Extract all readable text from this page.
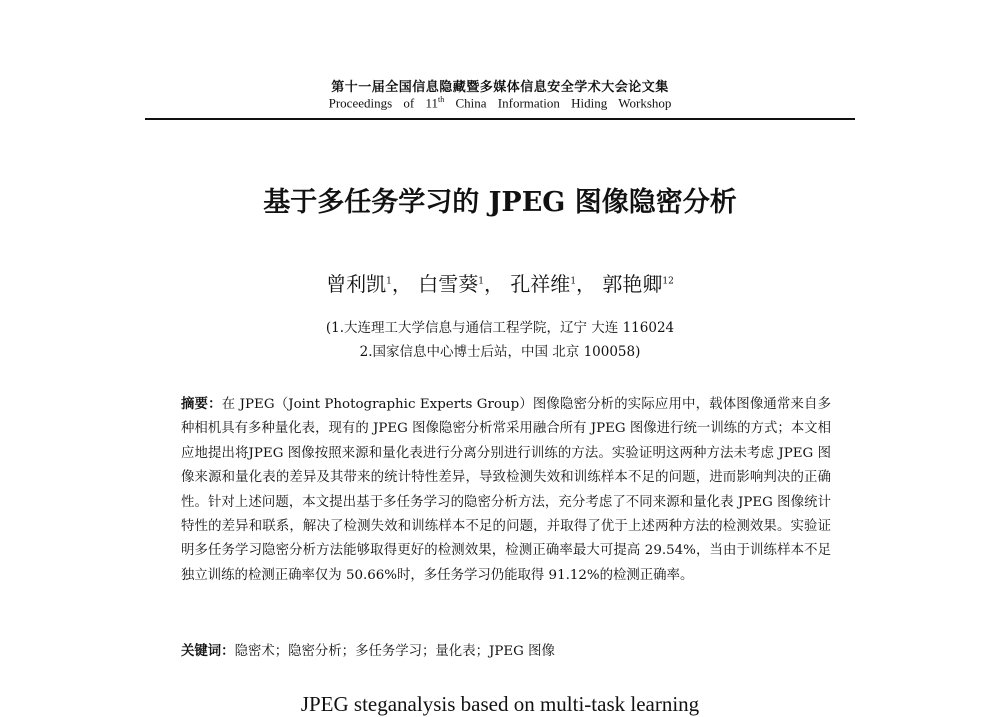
第十一届全国信息隐藏暨多媒体信息安全学术大会论文集
Proceedings of 11th China Information Hiding Workshop
基于多任务学习的 JPEG 图像隐密分析
曾利凯$^1$， 白雪葵$^1$， 孔祥维$^1$， 郭艳卿$^{12}$
(1.大连理工大学信息与通信工程学院，辽宁 大连 116024
2.国家信息中心博士后站，中国 北京 100058)
摘要：在 JPEG（Joint Photographic Experts Group）图像隐密分析的实际应用中，载体图像通常来自多种相机具有多种量化表，现有的 JPEG 图像隐密分析常采用融合所有 JPEG 图像进行统一训练的方式；本文相应地提出将JPEG 图像按照来源和量化表进行分离分别进行训练的方法。实验证明这两种方法未考虑 JPEG 图像来源和量化表的差异及其带来的统计特性差异，导致检测失效和训练样本不足的问题，进而影响判决的正确性。针对上述问题，本文提出基于多任务学习的隐密分析方法，充分考虑了不同来源和量化表 JPEG 图像统计特性的差异和联系，解决了检测失效和训练样本不足的问题，并取得了优于上述两种方法的检测效果。实验证明多任务学习隐密分析方法能够取得更好的检测效果，检测正确率最大可提高 29.54%，当由于训练样本不足独立训练的检测正确率仅为 50.66%时，多任务学习仍能取得 91.12%的检测正确率。
关键词：隐密术；隐密分析；多任务学习；量化表；JPEG 图像
JPEG steganalysis based on multi-task learning
